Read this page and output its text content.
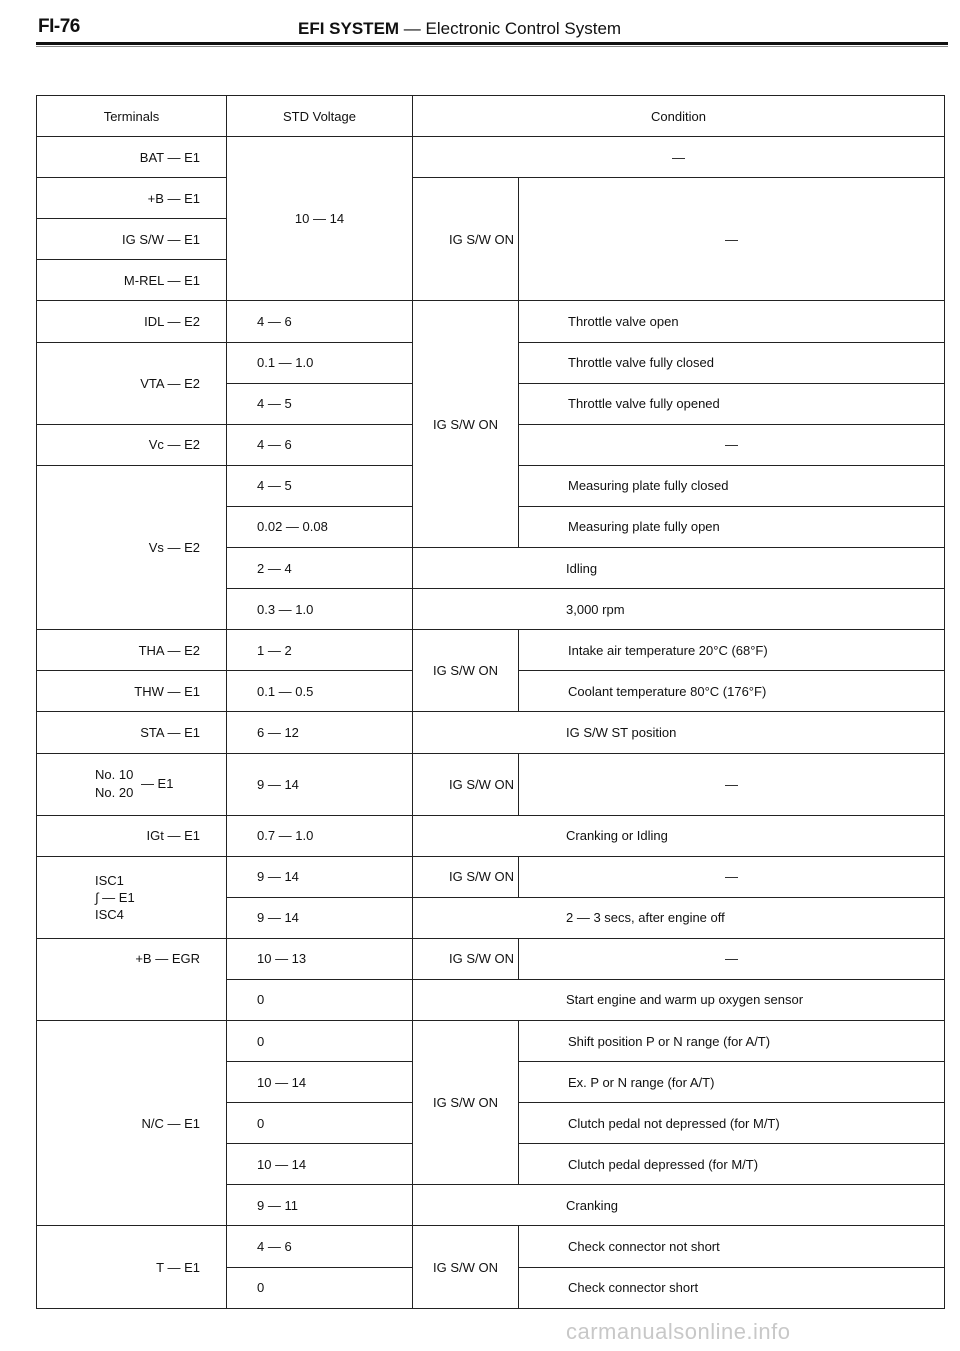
FI-76	EFI SYSTEM — Electronic Control System
Terminals	STD Voltage	Condition	
BAT — E1	10 — 14	—	
+B — E1		IG S/W ON	—
IG S/W — E1			
M-REL — E1			
IDL — E2	4 — 6	IG S/W ON	Throttle valve open
VTA — E2	0.1 — 1.0		Throttle valve fully closed
	4 — 5		Throttle valve fully opened
Vc — E2	4 — 6		—
Vs — E2	4 — 5		Measuring plate fully closed
	0.02 — 0.08		Measuring plate fully open
	2 — 4	Idling	
	0.3 — 1.0	3,000 rpm	
THA — E2	1 — 2	IG S/W ON	Intake air temperature 20°C (68°F)
THW — E1	0.1 — 0.5		Coolant temperature 80°C (176°F)
STA — E1	6 — 12	IG S/W ST position	

No. 10
No. 20
— E1	9 — 14	IG S/W ON	—
IGt — E1	0.7 — 1.0	Cranking or Idling	

ISC1
∫ — E1
ISC4	9 — 14	IG S/W ON	—
	9 — 14	2 — 3 secs, after engine off	
+B — EGR	10 — 13	IG S/W ON	—
	0	Start engine and warm up oxygen sensor	
N/C — E1	0	IG S/W ON	Shift position P or N range (for A/T)
	10 — 14		Ex. P or N range (for A/T)
	0		Clutch pedal not depressed (for M/T)
	10 — 14		Clutch pedal depressed (for M/T)
	9 — 11	Cranking	
T — E1	4 — 6	IG S/W ON	Check connector not short
	0		Check connector short
carmanualsonline.info
